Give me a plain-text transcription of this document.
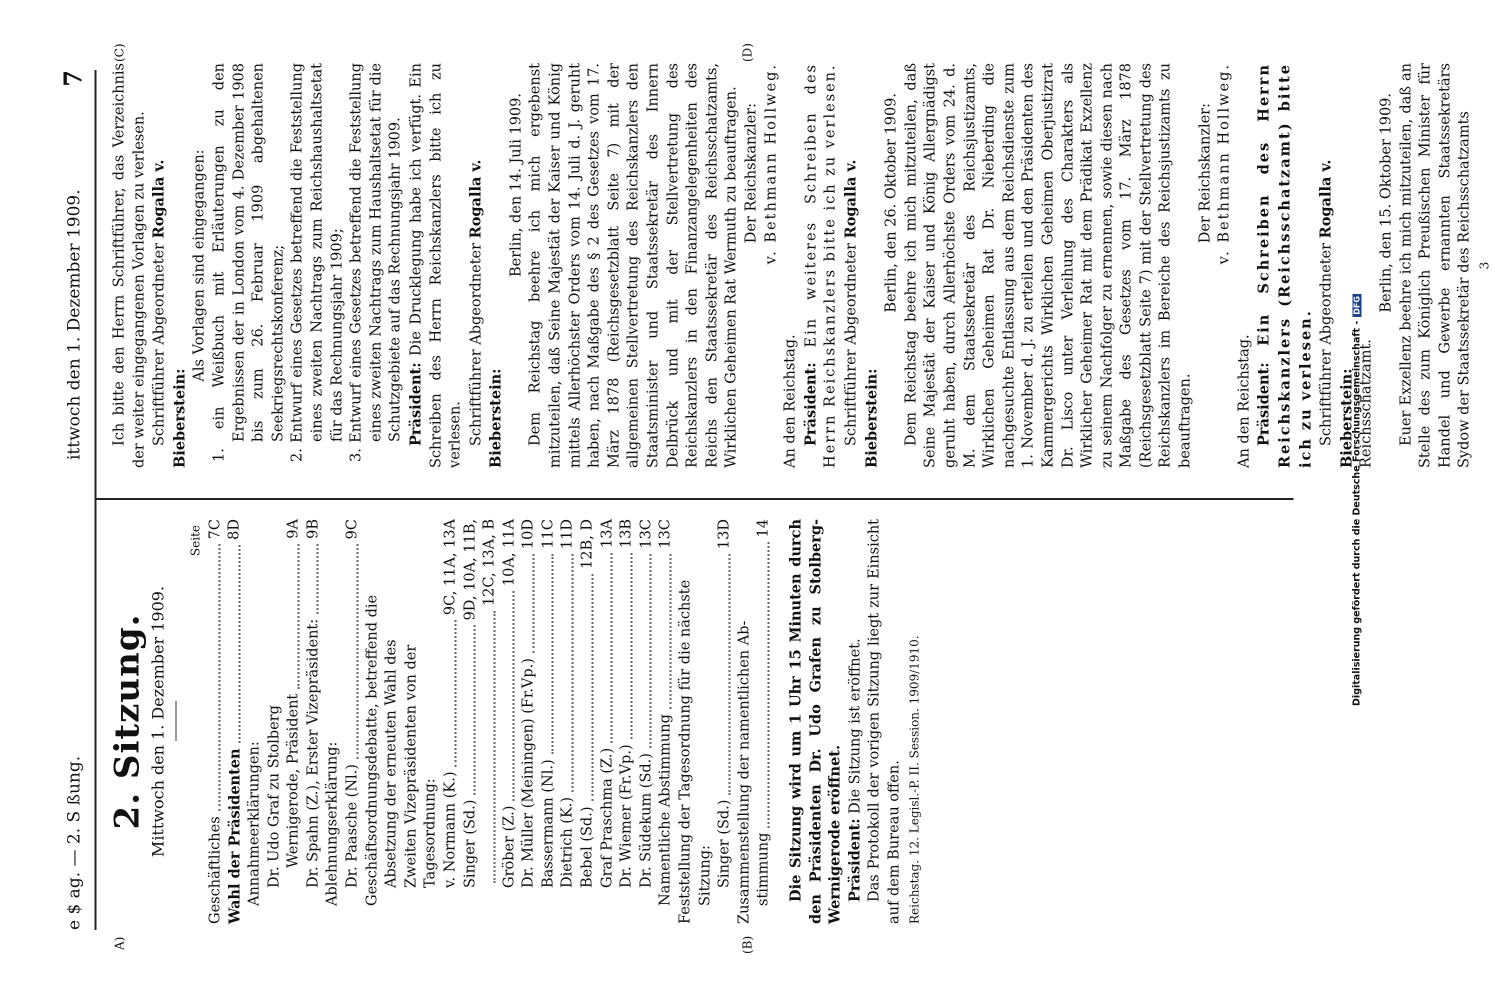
e $ ag. — 2. S ßung.
ittwoch den 1. Dezember 1909.
7
A)	(B)
(C)	(D)
2. Sitzung. Mittwoch den 1. Dezember 1909.
Seite
Geschäftliches
7C
Wahl der Präsidenten
8D
Annahmeerklärungen: Dr. Udo Graf zu Stolberg Wernigerode, Präsident
9A
Dr. Spahn (Z.), Erster Vizepräsident:
9B
Ablehnungserklärung: Dr. Paasche (Nl.)
9C
Geschäftsordnungsdebatte, betreffend die Absetzung der erneuten Wahl des Zweiten Vizepräsidenten von der Tagesordnung: v. Normann (K.)
9C, 11A, 13A
Singer (Sd.)
9D, 10A, 11B, 12C, 13A, B
Gröber (Z.)
10A, 11A
Dr. Müller (Meiningen) (Fr.Vp.)
10D
Bassermann (Nl.)
11C
Dietrich (K.)
11D
Bebel (Sd.)
12B, D
Graf Praschma (Z.)
13A
Dr. Wiemer (Fr.Vp.)
13B
Dr. Südekum (Sd.)
13C
Namentliche Abstimmung
13C
Feststellung der Tagesordnung für die nächste Sitzung: Singer (Sd.)
13D
Zusammenstellung der namentlichen Ab- stimmung
14 Die Sitzung wird um 1 Uhr 15 Minuten durch den Präsidenten Dr. Udo Grafen zu Stolberg-Wernigerode eröffnet. Präsident: Die Sitzung ist eröffnet. Das Protokoll der vorigen Sitzung liegt zur Einsicht auf dem Bureau offen. Reichstag. 12. Legisl.-P. II. Session. 1909/1910.

Ich bitte den Herrn Schriftführer, das Verzeichnis der weiter eingegangenen Vorlagen zu verlesen. Schriftführer Abgeordneter Rogalla v. Bieberstein:

Als Vorlagen sind eingegangen: 1. ein Weißbuch mit Erläuterungen zu den Ergebnissen der in London vom 4. Dezember 1908 bis zum 26. Februar 1909 abgehaltenen Seekriegsrechtskonferenz; 2. Entwurf eines Gesetzes betreffend die Feststellung eines zweiten Nachtrags zum Reichshaushaltsetat für das Rechnungsjahr 1909; 3. Entwurf eines Gesetzes betreffend die Feststellung eines zweiten Nachtrags zum Haushaltsetat für die Schutzgebiete auf das Rechnungsjahr 1909. Präsident: Die Drucklegung habe ich verfügt. Ein Schreiben des Herrn Reichskanzlers bitte ich zu verlesen. Schriftführer Abgeordneter Rogalla v. Bieberstein:

Berlin, den 14. Juli 1909. Dem Reichstag beehre ich mich ergebenst mitzuteilen, daß Seine Majestät der Kaiser und König mittels Allerhöchster Orders vom 14. Juli d. J. geruht haben, nach Maßgabe des § 2 des Gesetzes vom 17. März 1878 (Reichsgesetzblatt Seite 7) mit der allgemeinen Stellvertretung des Reichskanzlers den Staatsminister und Staatssekretär des Innern Delbrück und mit der Stellvertretung des Reichskanzlers in den Finanzangelegenheiten des Reichs den Staatssekretär des Reichsschatzamts, Wirklichen Geheimen Rat Wermuth zu beauftragen. Der Reichskanzler: v. Bethmann Hollweg.

An den Reichstag. Präsident: Ein weiteres Schreiben des Herrn Reichskanzlers bitte ich zu verlesen. Schriftführer Abgeordneter Rogalla v. Bieberstein:

Berlin, den 26. Oktober 1909. Dem Reichstag beehre ich mich mitzuteilen, daß Seine Majestät der Kaiser und König Allergnädigst geruht haben, durch Allerhöchste Orders vom 24. d. M. dem Staatssekretär des Reichsjustizamts, Wirklichen Geheimen Rat Dr. Nieberding die nachgesuchte Entlassung aus dem Reichsdienste zum 1. November d. J. zu erteilen und den Präsidenten des Kammergerichts Wirklichen Geheimen Oberjustizrat Dr. Lisco unter Verleihung des Charakters als Wirklicher Geheimer Rat mit dem Prädikat Exzellenz zu seinem Nachfolger zu ernennen, sowie diesen nach Maßgabe des Gesetzes vom 17. März 1878 (Reichsgesetzblatt Seite 7) mit der Stellvertretung des Reichskanzlers im Bereiche des Reichsjustizamts zu beauftragen.

Der Reichskanzler: v. Bethmann Hollweg.

An den Reichstag. Präsident: Ein Schreiben des Herrn Reichskanzlers (Reichsschatzamt) bitte ich zu verlesen. Schriftführer Abgeordneter Rogalla v. Bieberstein: Reichsschatzamt.

Berlin, den 15. Oktober 1909. Euer Exzellenz beehre ich mich mitzuteilen, daß an Stelle des zum Königlich Preußischen Minister für Handel und Gewerbe ernannten Staatssekretärs Sydow der Staatssekretär des Reichsschatzamts 3

Digitalisierung gefördert durch die Deutsche Forschungsgemeinschaft -DFG
